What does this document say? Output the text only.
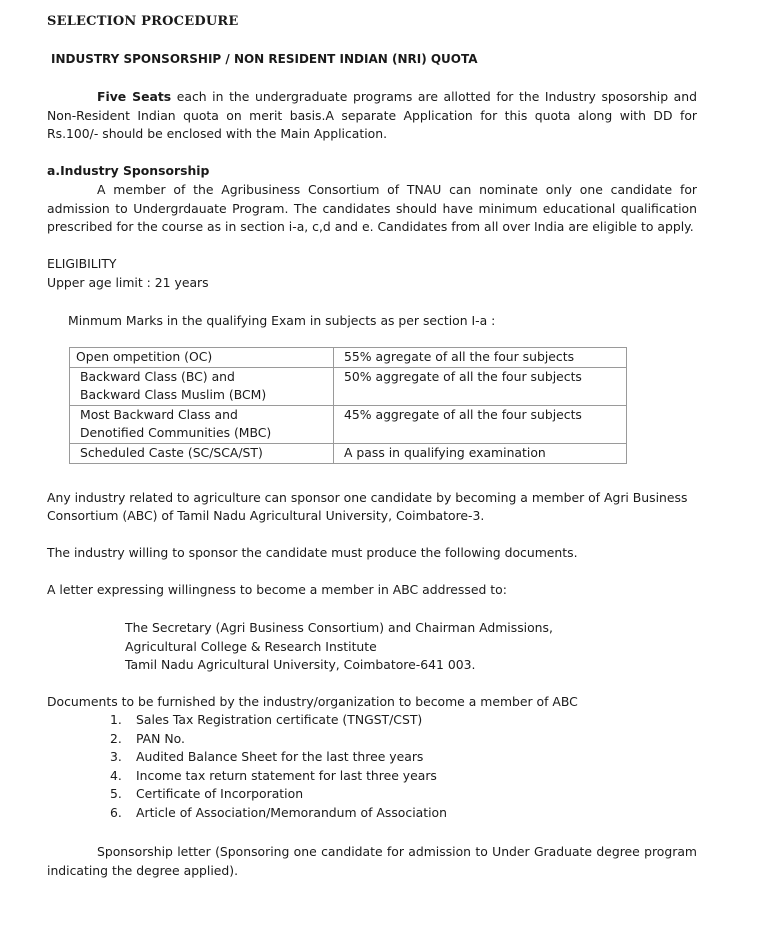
SELECTION PROCEDURE
INDUSTRY SPONSORSHIP / NON RESIDENT INDIAN (NRI) QUOTA
Five Seats each in the undergraduate programs are allotted for the Industry sposorship and Non-Resident Indian quota on merit basis.A separate Application for this quota along with DD for Rs.100/- should be enclosed with the Main Application.
a.Industry Sponsorship
A member of the Agribusiness Consortium of TNAU can nominate only one candidate for admission to Undergrdauate Program. The candidates should have minimum educational qualification prescribed for the course as in section i-a, c,d and e. Candidates from all over India are eligible to apply.
ELIGIBILITY
Upper age limit : 21 years
Minmum Marks in the qualifying Exam in subjects as per section I-a :
Open ompetition (OC)	55% agregate of all the four subjects

Backward Class (BC) and
Backward Class Muslim (BCM)	50% aggregate of all the four subjects

Most Backward Class and
Denotified Communities (MBC)	45% aggregate of all the four subjects

Scheduled Caste (SC/SCA/ST)	A pass in qualifying examination
Any industry related to agriculture can sponsor one candidate by becoming a member of Agri Business
Consortium (ABC) of Tamil Nadu Agricultural University, Coimbatore-3.
The industry willing to sponsor the candidate must produce the following documents.
A letter expressing willingness to become a member in ABC addressed to:
The Secretary (Agri Business Consortium) and Chairman Admissions,
Agricultural College & Research Institute
Tamil Nadu Agricultural University, Coimbatore-641 003.
Documents to be furnished by the industry/organization to become a member of ABC
1. Sales Tax Registration certificate (TNGST/CST)
2. PAN No.
3. Audited Balance Sheet for the last three years
4. Income tax return statement for last three years
5. Certificate of Incorporation
6. Article of Association/Memorandum of Association
Sponsorship letter (Sponsoring one candidate for admission to Under Graduate degree program indicating the degree applied).
